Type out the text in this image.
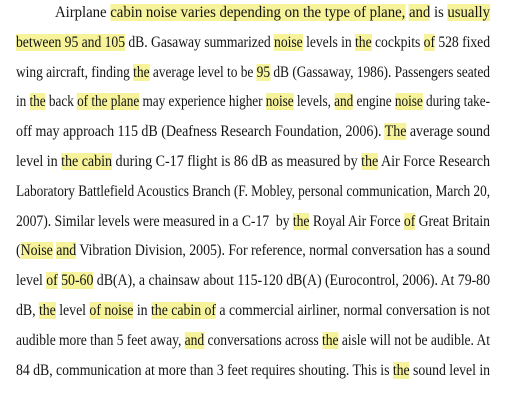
Airplane cabin noise varies depending on the type of plane, and is usually
between 95 and 105 dB. Gasaway summarized noise levels in the cockpits of 528 fixed
wing aircraft, finding the average level to be 95 dB (Gassaway, 1986). Passengers seated
in the back of the plane may experience higher noise levels, and engine noise during take-
off may approach 115 dB (Deafness Research Foundation, 2006). The average sound
level in the cabin during C-17 flight is 86 dB as measured by the Air Force Research
Laboratory Battlefield Acoustics Branch (F. Mobley, personal communication, March 20,
2007). Similar levels were measured in a C-17  by the Royal Air Force of Great Britain
(Noise and Vibration Division, 2005). For reference, normal conversation has a sound
level of 50-60 dB(A), a chainsaw about 115-120 dB(A) (Eurocontrol, 2006). At 79-80
dB, the level of noise in the cabin of a commercial airliner, normal conversation is not
audible more than 5 feet away, and conversations across the aisle will not be audible. At
84 dB, communication at more than 3 feet requires shouting. This is the sound level in
